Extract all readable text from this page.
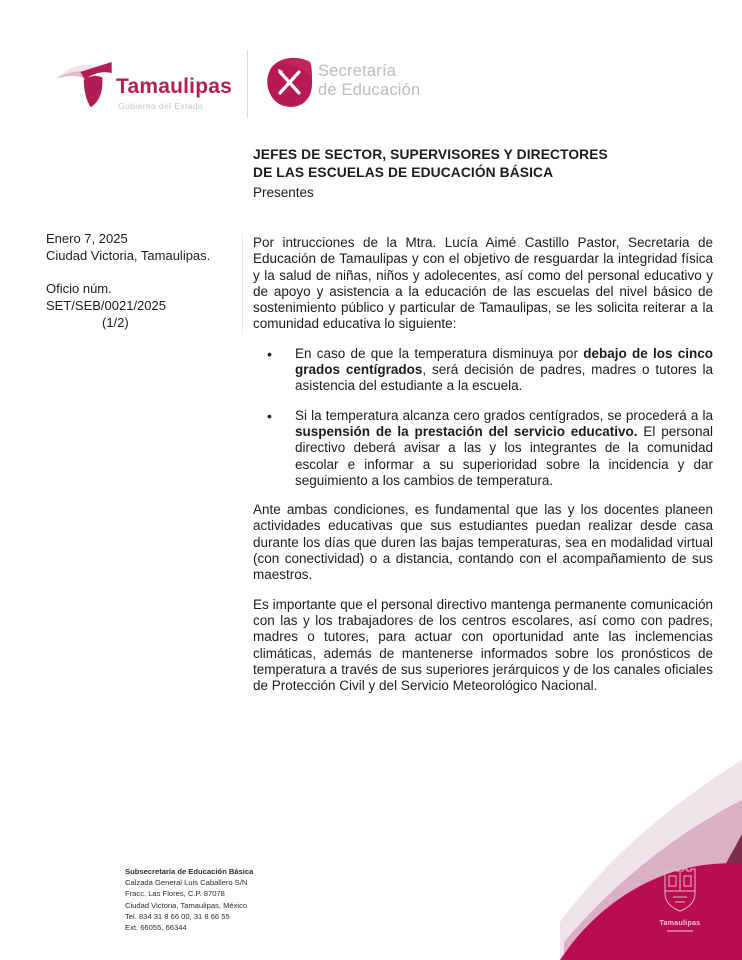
Tamaulipas
Gobierno del Estado
Secretaría
de Educación
JEFES DE SECTOR, SUPERVISORES Y DIRECTORES
DE LAS ESCUELAS DE EDUCACIÓN BÁSICA
Presentes
Enero 7, 2025
Ciudad Victoria, Tamaulipas.
Oficio núm.
SET/SEB/0021/2025
(1/2)

Por intrucciones de la Mtra. Lucía Aimé Castillo Pastor, Secretaria de Educación de Tamaulipas y con el objetivo de resguardar la integridad física y la salud de niñas, niños y adolecentes, así como del personal educativo y de apoyo y asistencia a la educación de las escuelas del nivel básico de sostenimiento público y particular de Tamaulipas, se les solicita reiterar a la comunidad educativa lo siguiente:

• En caso de que la temperatura disminuya por debajo de los cinco grados centígrados, será decisión de padres, madres o tutores la asistencia del estudiante a la escuela.
• Si la temperatura alcanza cero grados centígrados, se procederá a la suspensión de la prestación del servicio educativo. El personal directivo deberá avisar a las y los integrantes de la comunidad escolar e informar a su superioridad sobre la incidencia y dar seguimiento a los cambios de temperatura.

Ante ambas condiciones, es fundamental que las y los docentes planeen actividades educativas que sus estudiantes puedan realizar desde casa durante los días que duren las bajas temperaturas, sea en modalidad virtual (con conectividad) o a distancia, contando con el acompañamiento de sus maestros.

Es importante que el personal directivo mantenga permanente comunicación con las y los trabajadores de los centros escolares, así como con padres, madres o tutores, para actuar con oportunidad ante las inclemencias climáticas, además de mantenerse informados sobre los pronósticos de temperatura a través de sus superiores jerárquicos y de los canales oficiales de Protección Civil y del Servicio Meteorológico Nacional.

Subsecretaría de Educación Básica
Calzada General Luis Caballero S/N
Fracc. Las Flores, C.P. 87078
Ciudad Victoria, Tamaulipas, México
Tel. 834 31 8 66 00, 31 8 66 55
Ext. 66055, 66344	Tamaulipas
